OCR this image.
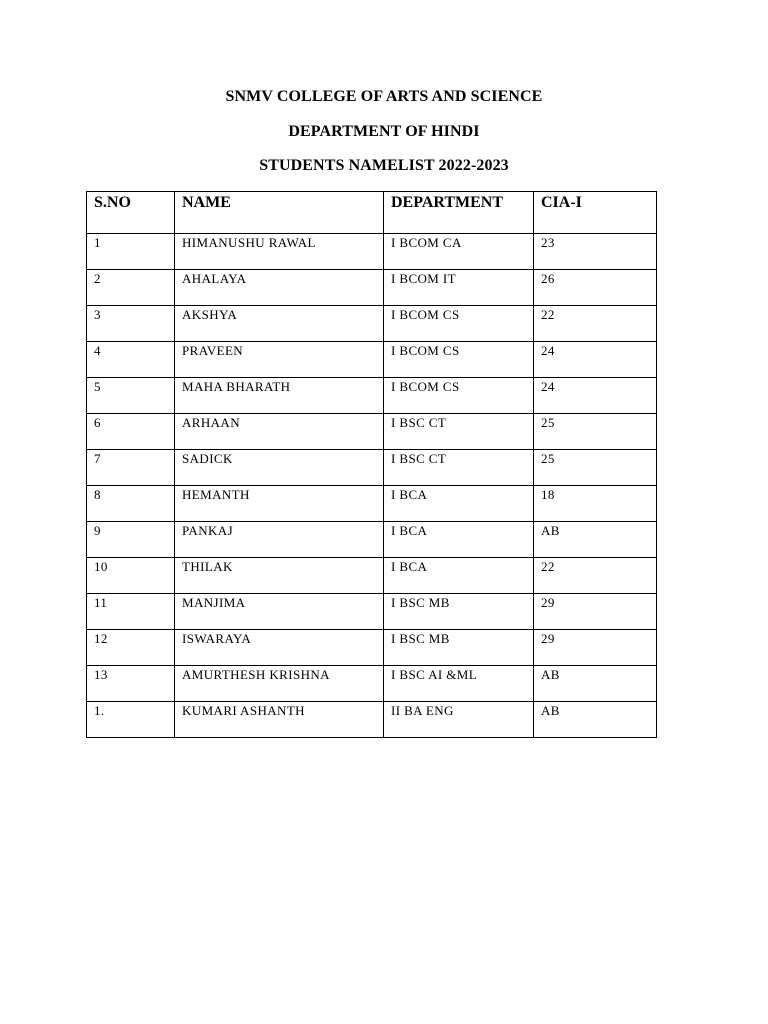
SNMV COLLEGE OF ARTS AND SCIENCE
DEPARTMENT OF HINDI
STUDENTS NAMELIST 2022-2023
S.NO	NAME	DEPARTMENT	CIA-I
1	HIMANUSHU RAWAL	I BCOM CA	23
2	AHALAYA	I BCOM IT	26
3	AKSHYA	I BCOM CS	22
4	PRAVEEN	I BCOM CS	24
5	MAHA BHARATH	I BCOM CS	24
6	ARHAAN	I BSC CT	25
7	SADICK	I BSC CT	25
8	HEMANTH	I BCA	18
9	PANKAJ	I BCA	AB
10	THILAK	I BCA	22
11	MANJIMA	I BSC MB	29
12	ISWARAYA	I BSC MB	29
13	AMURTHESH KRISHNA	I BSC AI &ML	AB
1.	KUMARI ASHANTH	II BA ENG	AB
